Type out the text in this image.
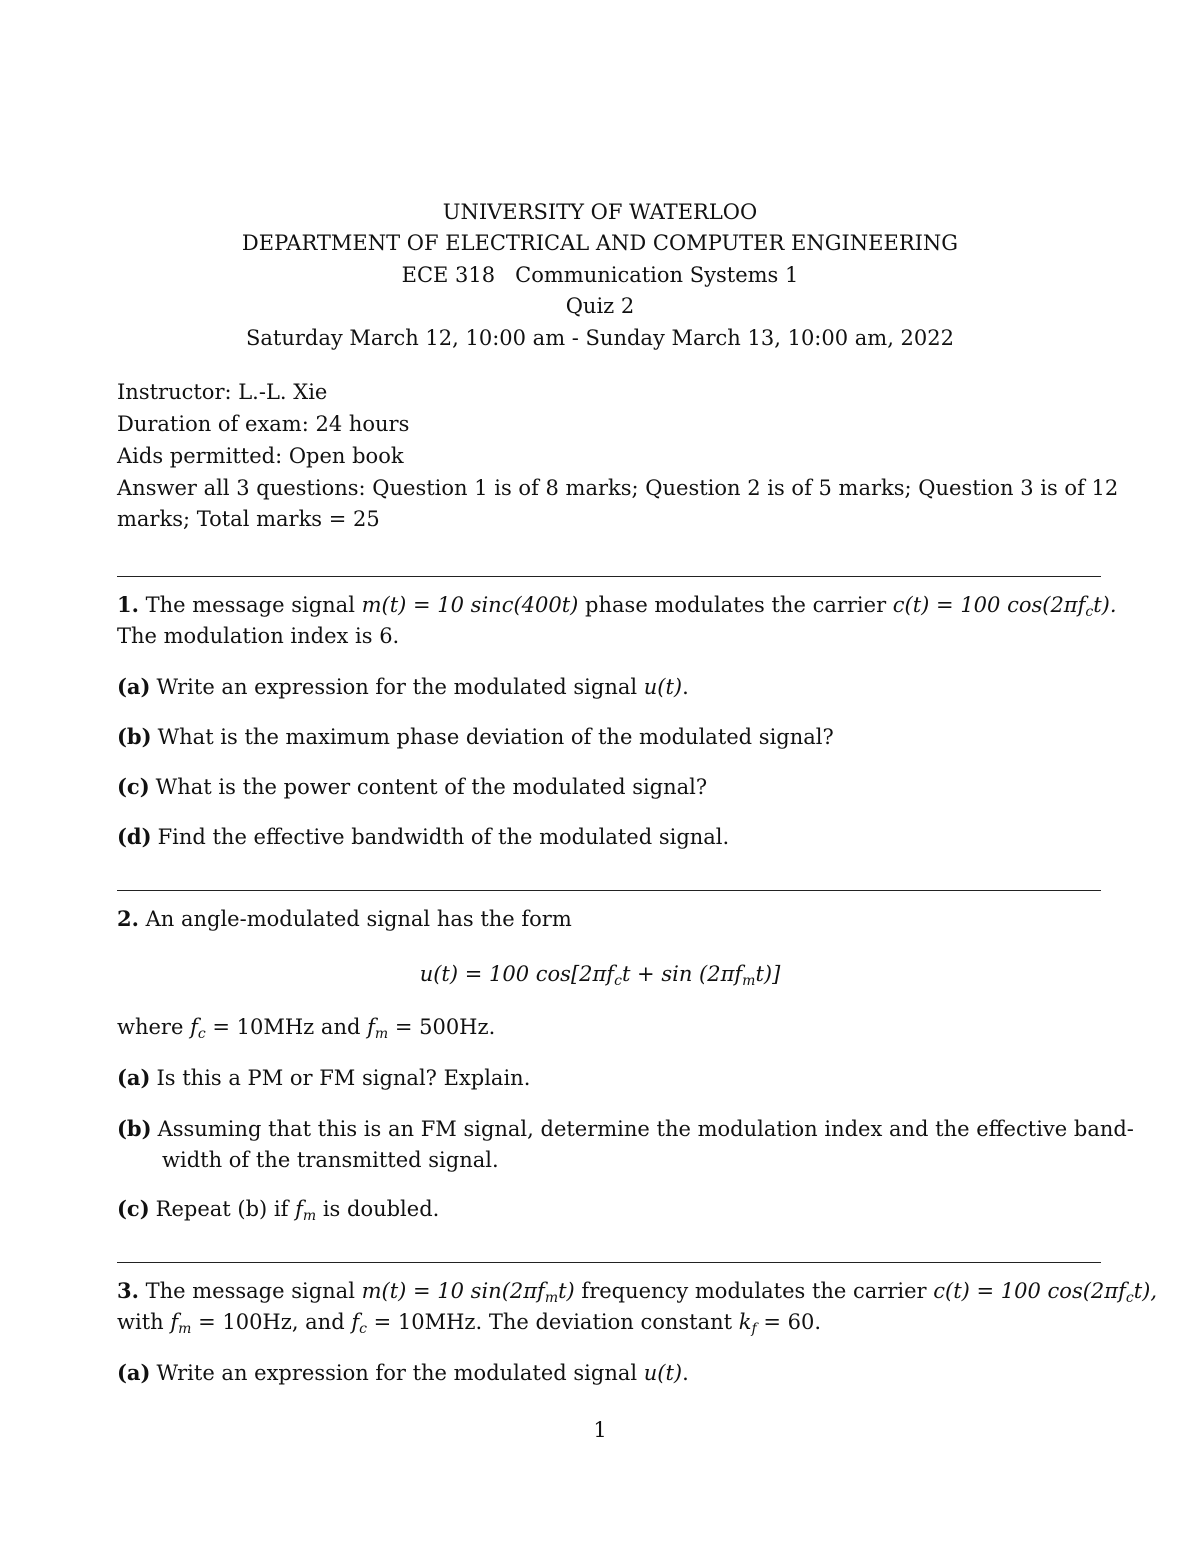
UNIVERSITY OF WATERLOO
DEPARTMENT OF ELECTRICAL AND COMPUTER ENGINEERING
ECE 318   Communication Systems 1
Quiz 2
Saturday March 12, 10:00 am - Sunday March 13, 10:00 am, 2022
Instructor: L.-L. Xie
Duration of exam: 24 hours
Aids permitted: Open book
Answer all 3 questions: Question 1 is of 8 marks; Question 2 is of 5 marks; Question 3 is of 12
marks; Total marks = 25
1. The message signal m(t) = 10 sinc(400t) phase modulates the carrier c(t) = 100 $\cos(2\pi f_ct)$.
The modulation index is 6.
(a) Write an expression for the modulated signal u(t).
(b) What is the maximum phase deviation of the modulated signal?
(c) What is the power content of the modulated signal?
(d) Find the effective bandwidth of the modulated signal.
2. An angle-modulated signal has the form
u(t) = 100 $\cos[2\pi f_ct + \sin (2\pi f_mt)]$
where $f_c = 10MHz$ and $f_m = 500Hz$.
(a) Is this a PM or FM signal? Explain.
(b) Assuming that this is an FM signal, determine the modulation index and the effective band-
width of the transmitted signal.
(c) Repeat (b) if $f_m$ is doubled.
3. The message signal m(t) = 10 $\sin(2\pi f_mt)$ frequency modulates the carrier c(t) = 100 $\cos(2\pi f_ct)$,
with $f_m = 100Hz$, and $f_c = 10MHz$. The deviation constant $k_f = 60$.
(a) Write an expression for the modulated signal u(t).
1
